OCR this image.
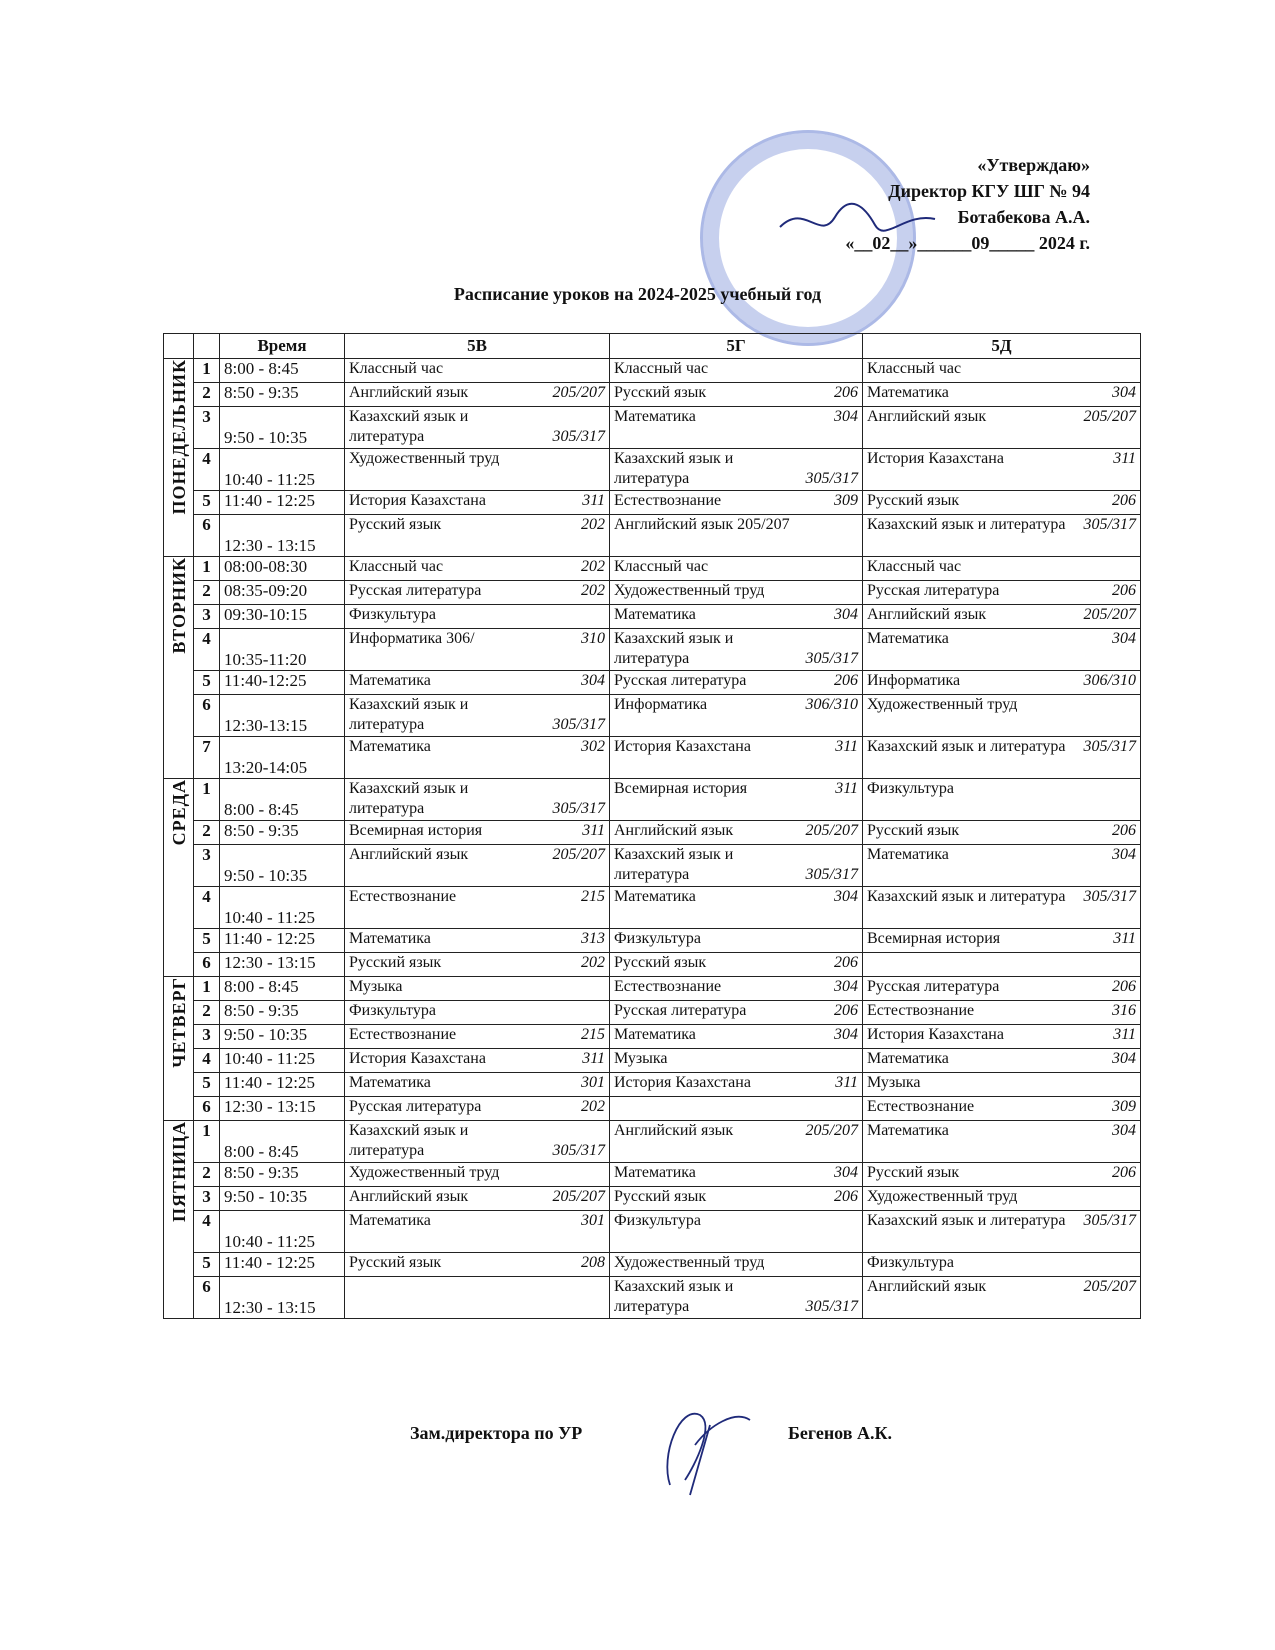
«Утверждаю»
Директор КГУ ШГ № 94
Ботабекова А.А.
«__02__»______09_____ 2024 г.
Расписание уроков на 2024-2025 учебный год
		Время	5В	5Г	5Д
ПОНЕДЕЛЬНИК	1	8:00 - 8:45	Классный час	Классный час	Классный час

	2	8:50 - 9:35	Английский язык 205/207	Русский язык 206	Математика 304

	3	9:50 - 10:35	Казахский язык и литература 305/317	Математика 304	Английский язык 205/207

	4	10:40 - 11:25	Художественный труд	Казахский язык и литература 305/317	История Казахстана 311

	5	11:40 - 12:25	История Казахстана 311	Естествознание 309	Русский язык 206

	6	12:30 - 13:15	Русский язык 202	Английский язык 205/207	Казахский язык и литература 305/317

ВТОРНИК	1	08:00-08:30	Классный час 202	Классный час	Классный час

	2	08:35-09:20	Русская литература 202	Художественный труд	Русская литература 206

	3	09:30-10:15	Физкультура	Математика 304	Английский язык 205/207

	4	10:35-11:20	Информатика 306/ 310	Казахский язык и литература 305/317	Математика 304

	5	11:40-12:25	Математика 304	Русская литература 206	Информатика 306/310

	6	12:30-13:15	Казахский язык и литература 305/317	Информатика 306/310	Художественный труд

	7	13:20-14:05	Математика 302	История Казахстана 311	Казахский язык и литература 305/317

СРЕДА	1	8:00 - 8:45	Казахский язык и литература 305/317	Всемирная история 311	Физкультура

	2	8:50 - 9:35	Всемирная история 311	Английский язык 205/207	Русский язык 206

	3	9:50 - 10:35	Английский язык 205/207	Казахский язык и литература 305/317	Математика 304

	4	10:40 - 11:25	Естествознание 215	Математика 304	Казахский язык и литература 305/317

	5	11:40 - 12:25	Математика 313	Физкультура	Всемирная история 311

	6	12:30 - 13:15	Русский язык 202	Русский язык 206	

ЧЕТВЕРГ	1	8:00 - 8:45	Музыка	Естествознание 304	Русская литература 206

	2	8:50 - 9:35	Физкультура	Русская литература 206	Естествознание 316

	3	9:50 - 10:35	Естествознание 215	Математика 304	История Казахстана 311

	4	10:40 - 11:25	История Казахстана 311	Музыка	Математика 304

	5	11:40 - 12:25	Математика 301	История Казахстана 311	Музыка

	6	12:30 - 13:15	Русская литература 202		Естествознание 309

ПЯТНИЦА	1	8:00 - 8:45	Казахский язык и литература 305/317	Английский язык 205/207	Математика 304

	2	8:50 - 9:35	Художественный труд	Математика 304	Русский язык 206

	3	9:50 - 10:35	Английский язык 205/207	Русский язык 206	Художественный труд

	4	10:40 - 11:25	Математика 301	Физкультура	Казахский язык и литература 305/317

	5	11:40 - 12:25	Русский язык 208	Художественный труд	Физкультура

	6	12:30 - 13:15		Казахский язык и литература 305/317	Английский язык 205/207
Зам.директора по УР	Бегенов А.К.
